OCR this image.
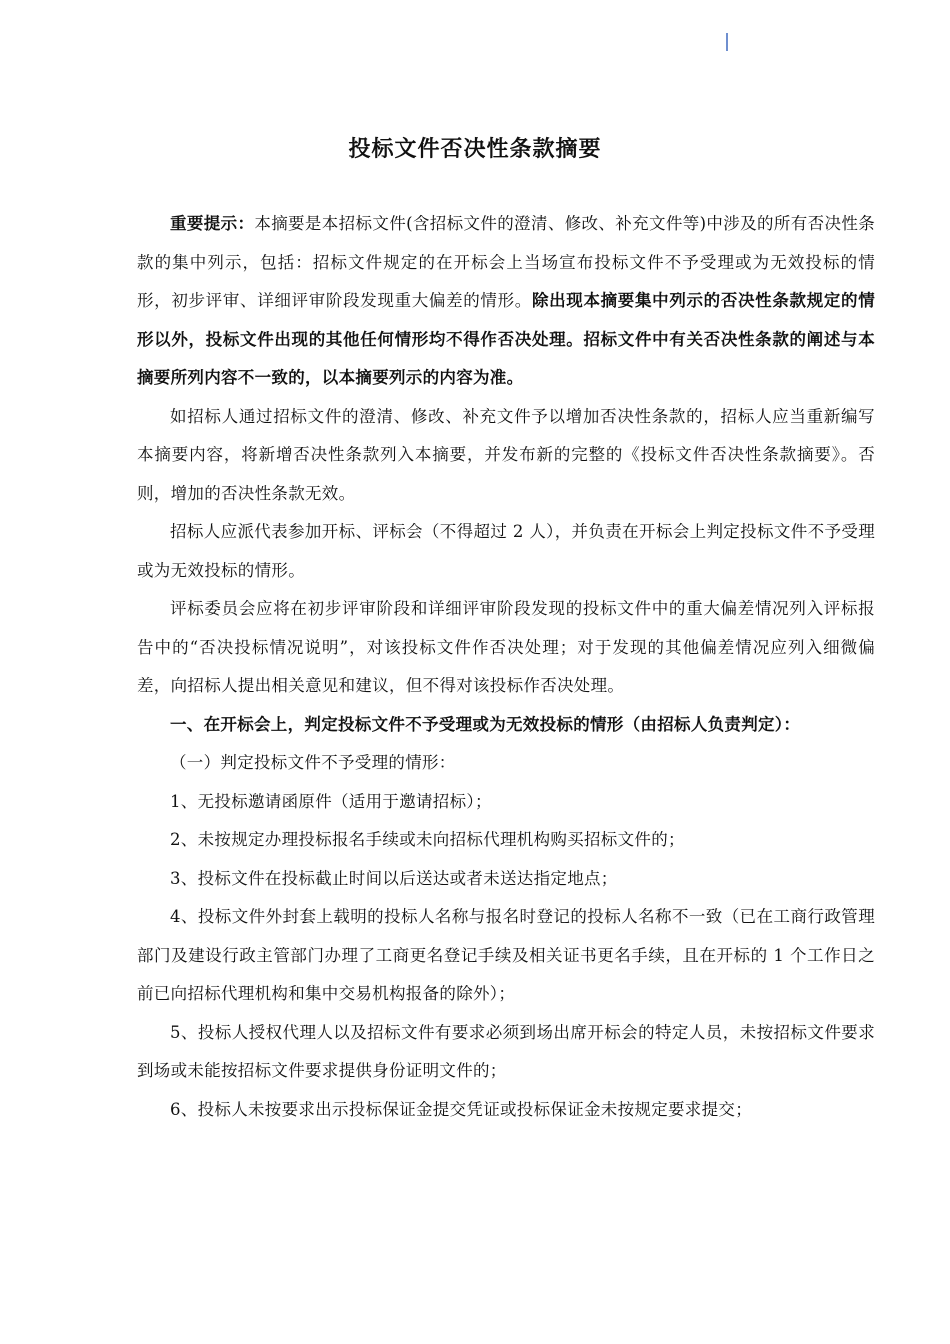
投标文件否决性条款摘要

重要提示：本摘要是本招标文件(含招标文件的澄清、修改、补充文件等)中涉及的所有否决性条款的集中列示，包括：招标文件规定的在开标会上当场宣布投标文件不予受理或为无效投标的情形，初步评审、详细评审阶段发现重大偏差的情形。除出现本摘要集中列示的否决性条款规定的情形以外，投标文件出现的其他任何情形均不得作否决处理。招标文件中有关否决性条款的阐述与本摘要所列内容不一致的，以本摘要列示的内容为准。

如招标人通过招标文件的澄清、修改、补充文件予以增加否决性条款的，招标人应当重新编写本摘要内容，将新增否决性条款列入本摘要，并发布新的完整的《投标文件否决性条款摘要》。否则，增加的否决性条款无效。

招标人应派代表参加开标、评标会（不得超过 2 人），并负责在开标会上判定投标文件不予受理或为无效投标的情形。

评标委员会应将在初步评审阶段和详细评审阶段发现的投标文件中的重大偏差情况列入评标报告中的“否决投标情况说明”，对该投标文件作否决处理；对于发现的其他偏差情况应列入细微偏差，向招标人提出相关意见和建议，但不得对该投标作否决处理。

一、在开标会上，判定投标文件不予受理或为无效投标的情形（由招标人负责判定）：

（一）判定投标文件不予受理的情形：

1、无投标邀请函原件（适用于邀请招标）；

2、未按规定办理投标报名手续或未向招标代理机构购买招标文件的；

3、投标文件在投标截止时间以后送达或者未送达指定地点；

4、投标文件外封套上载明的投标人名称与报名时登记的投标人名称不一致（已在工商行政管理部门及建设行政主管部门办理了工商更名登记手续及相关证书更名手续，且在开标的 1 个工作日之前已向招标代理机构和集中交易机构报备的除外）；

5、投标人授权代理人以及招标文件有要求必须到场出席开标会的特定人员，未按招标文件要求到场或未能按招标文件要求提供身份证明文件的；

6、投标人未按要求出示投标保证金提交凭证或投标保证金未按规定要求提交；
